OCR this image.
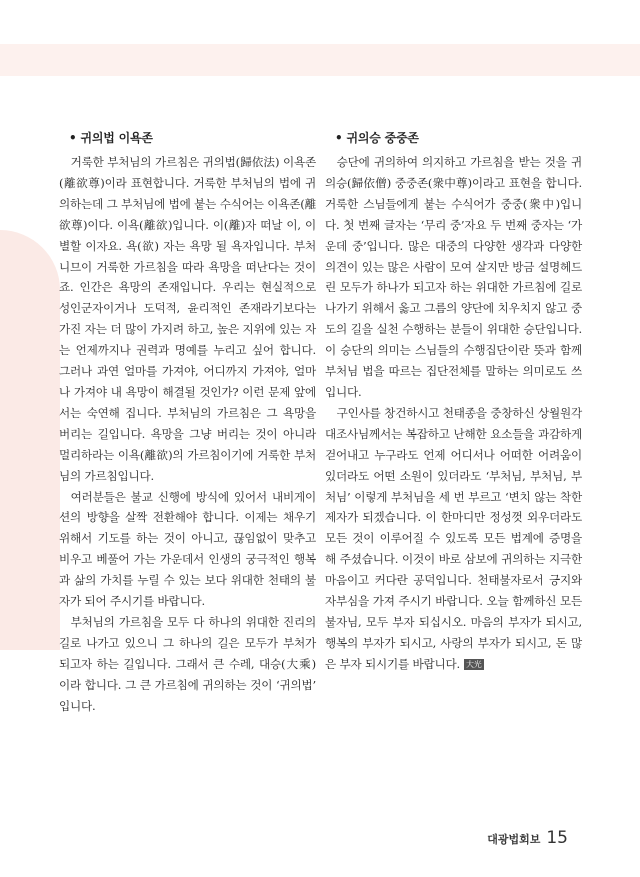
• 귀의법 이욕존

거룩한 부처님의 가르침은 귀의법(歸依法) 이욕존(離欲尊)이라 표현합니다. 거룩한 부처님의 법에 귀의하는데 그 부처님에 법에 붙는 수식어는 이욕존(離欲尊)이다. 이욕(離欲)입니다. 이(離)자 떠날 이, 이별할 이자요. 욕(欲) 자는 욕망 될 욕자입니다. 부처니므이 거룩한 가르침을 따라 욕망을 떠난다는 것이죠. 인간은 욕망의 존재입니다. 우리는 현실적으로 성인군자이거나 도덕적, 윤리적인 존재라기보다는 가진 자는 더 많이 가지려 하고, 높은 지위에 있는 자는 언제까지나 권력과 명예를 누리고 싶어 합니다. 그러나 과연 얼마를 가져야, 어디까지 가져야, 얼마나 가져야 내 욕망이 해결될 것인가? 이런 문제 앞에서는 숙연해 집니다. 부처님의 가르침은 그 욕망을 버리는 길입니다. 욕망을 그냥 버리는 것이 아니라 멀리하라는 이욕(離欲)의 가르침이기에 거룩한 부처님의 가르침입니다.

여러분들은 불교 신행에 방식에 있어서 내비게이션의 방향을 살짝 전환해야 합니다. 이제는 채우기 위해서 기도를 하는 것이 아니고, 끊임없이 맞추고 비우고 베풀어 가는 가운데서 인생의 궁극적인 행복과 삶의 가치를 누릴 수 있는 보다 위대한 천태의 불자가 되어 주시기를 바랍니다.

부처님의 가르침을 모두 다 하나의 위대한 진리의 길로 나가고 있으니 그 하나의 길은 모두가 부처가 되고자 하는 길입니다. 그래서 큰 수레, 대승(大乘)이라 합니다. 그 큰 가르침에 귀의하는 것이 ‘귀의법’ 입니다.

• 귀의승 중중존

승단에 귀의하여 의지하고 가르침을 받는 것을 귀의승(歸依僧) 중중존(衆中尊)이라고 표현을 합니다. 거룩한 스님들에게 붙는 수식어가 중중(衆中)입니다. 첫 번째 글자는 ‘무리 중’자요 두 번째 중자는 ‘가운데 중’입니다. 많은 대중의 다양한 생각과 다양한 의견이 있는 많은 사람이 모여 살지만 방금 설명헤드린 모두가 하나가 되고자 하는 위대한 가르침에 길로 나가기 위해서 옳고 그름의 양단에 치우치지 않고 중도의 길을 실천 수행하는 분들이 위대한 승단입니다. 이 승단의 의미는 스님들의 수행집단이란 뜻과 함께 부처님 법을 따르는 집단전체를 말하는 의미로도 쓰입니다.

구인사를 창건하시고 천태종을 중창하신 상월원각대조사님께서는 복잡하고 난해한 요소들을 과감하게 걷어내고 누구라도 언제 어디서나 어떠한 어려움이 있더라도 어떤 소원이 있더라도 ‘부처님, 부처님, 부처님’ 이렇게 부처님을 세 번 부르고 ‘변치 않는 착한 제자가 되겠습니다. 이 한마디만 정성껏 외우더라도 모든 것이 이루어질 수 있도록 모든 법계에 증명을 해 주셨습니다. 이것이 바로 삼보에 귀의하는 지극한 마음이고 커다란 공덕입니다. 천태불자로서 긍지와 자부심을 가져 주시기 바랍니다. 오늘 함께하신 모든 불자님, 모두 부자 되십시오. 마음의 부자가 되시고, 행복의 부자가 되시고, 사랑의 부자가 되시고, 돈 많은 부자 되시기를 바랍니다. 大光

대광법회보 15
